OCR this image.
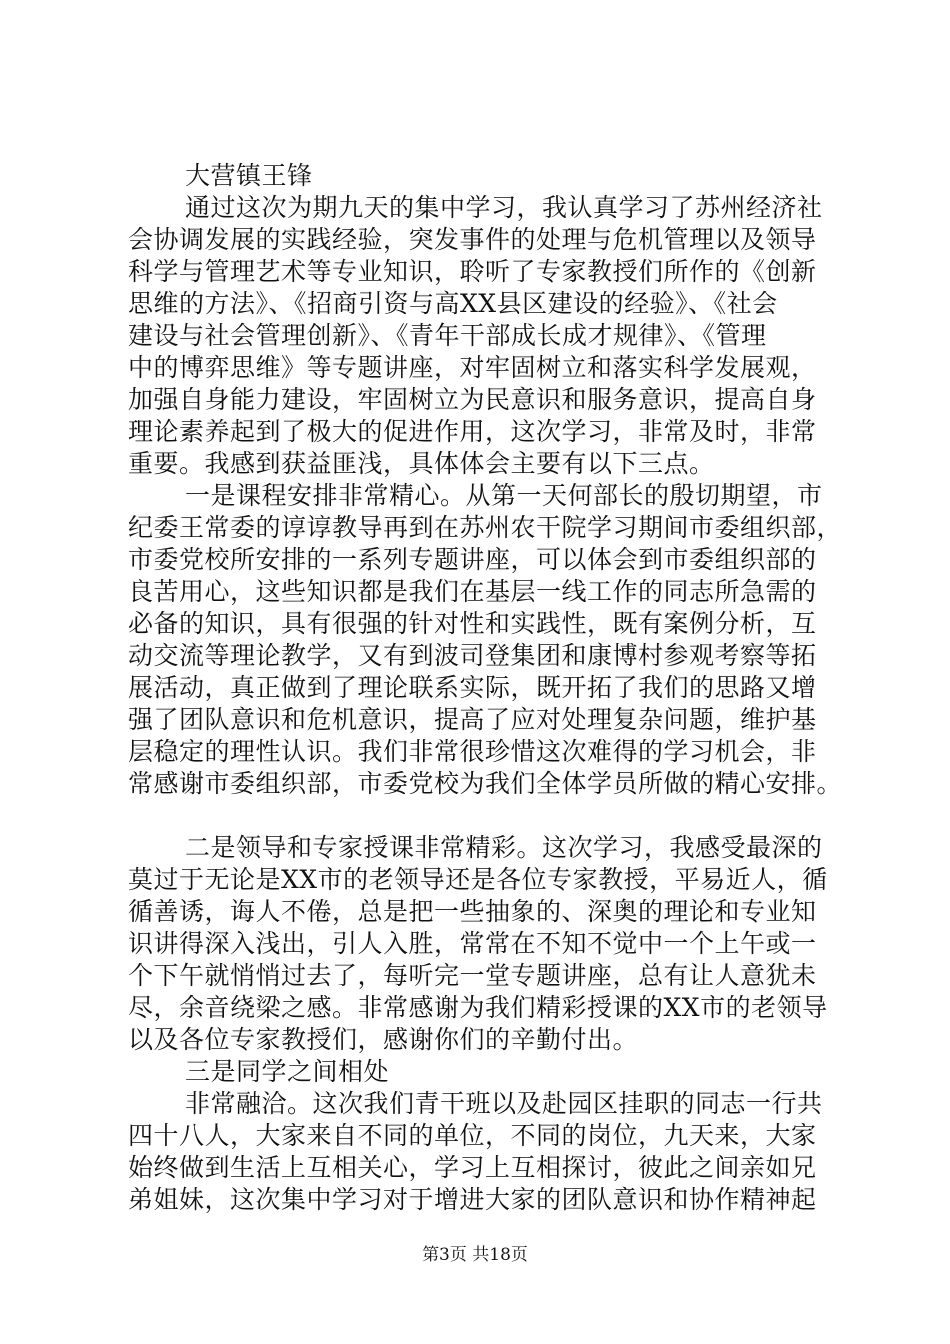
大营镇王锋
通过这次为期九天的集中学习，我认真学习了苏州经济社
会协调发展的实践经验，突发事件的处理与危机管理以及领导
科学与管理艺术等专业知识，聆听了专家教授们所作的《创新
思维的方法》、《招商引资与高XX县区建设的经验》、《社会
建设与社会管理创新》、《青年干部成长成才规律》、《管理
中的博弈思维》等专题讲座，对牢固树立和落实科学发展观，
加强自身能力建设，牢固树立为民意识和服务意识，提高自身
理论素养起到了极大的促进作用，这次学习，非常及时，非常
重要。我感到获益匪浅，具体体会主要有以下三点。
一是课程安排非常精心。从第一天何部长的殷切期望，市
纪委王常委的谆谆教导再到在苏州农干院学习期间市委组织部，
市委党校所安排的一系列专题讲座，可以体会到市委组织部的
良苦用心，这些知识都是我们在基层一线工作的同志所急需的
必备的知识，具有很强的针对性和实践性，既有案例分析，互
动交流等理论教学，又有到波司登集团和康博村参观考察等拓
展活动，真正做到了理论联系实际，既开拓了我们的思路又增
强了团队意识和危机意识，提高了应对处理复杂问题，维护基
层稳定的理性认识。我们非常很珍惜这次难得的学习机会，非
常感谢市委组织部，市委党校为我们全体学员所做的精心安排。
二是领导和专家授课非常精彩。这次学习，我感受最深的
莫过于无论是XX市的老领导还是各位专家教授，平易近人，循
循善诱，诲人不倦，总是把一些抽象的、深奥的理论和专业知
识讲得深入浅出，引人入胜，常常在不知不觉中一个上午或一
个下午就悄悄过去了，每听完一堂专题讲座，总有让人意犹未
尽，余音绕梁之感。非常感谢为我们精彩授课的XX市的老领导
以及各位专家教授们，感谢你们的辛勤付出。
三是同学之间相处
非常融洽。这次我们青干班以及赴园区挂职的同志一行共
四十八人，大家来自不同的单位，不同的岗位，九天来，大家
始终做到生活上互相关心，学习上互相探讨，彼此之间亲如兄
弟姐妹，这次集中学习对于增进大家的团队意识和协作精神起
第3页 共18页
